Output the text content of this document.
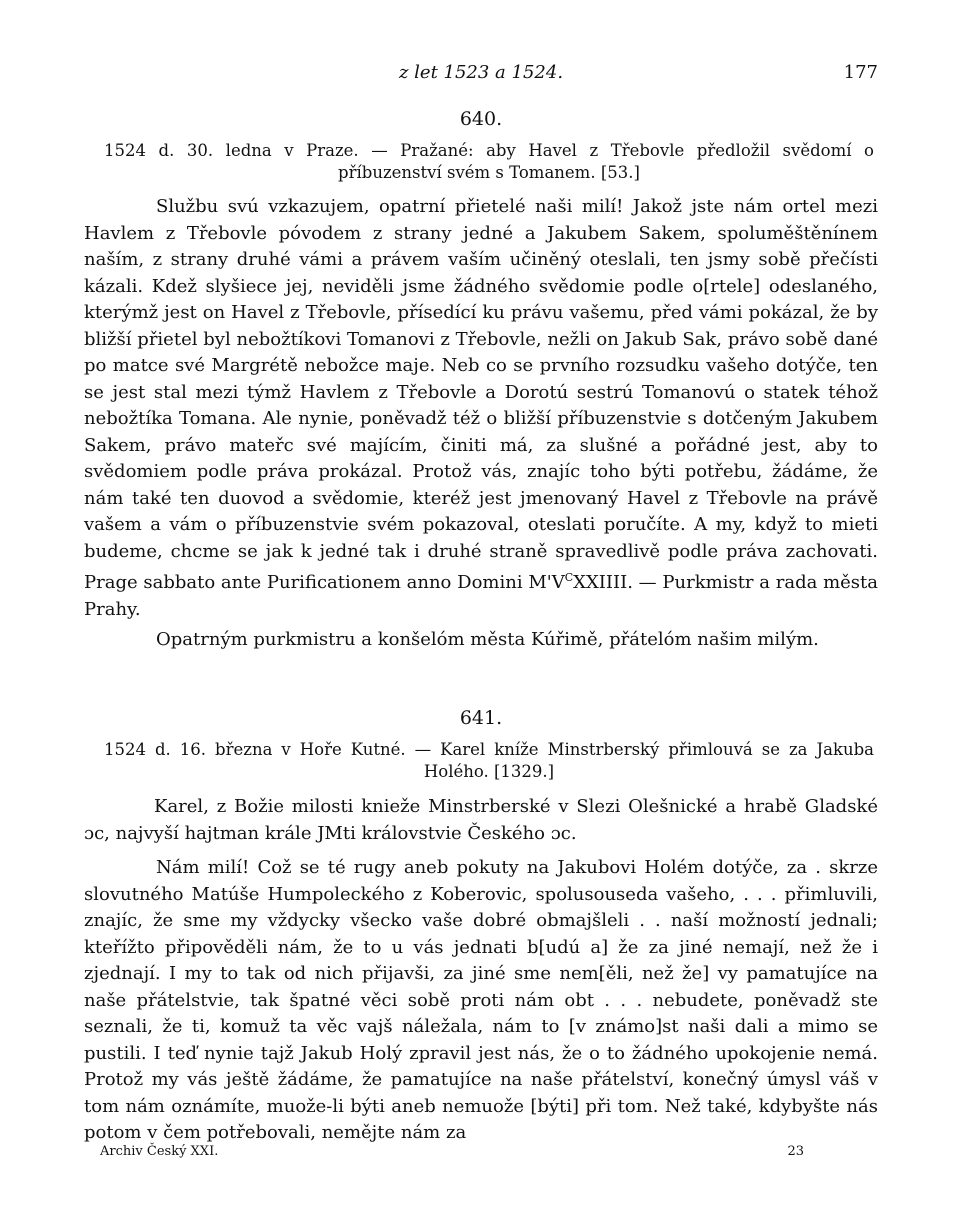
z let 1523 a 1524.	177
640.
1524 d. 30. ledna v Praze. — Pražané: aby Havel z Třebovle předložil svědomí o příbuzenství svém s Tomanem. [53.]

Službu svú vzkazujem, opatrní přietelé naši milí! Jakož jste nám ortel mezi Havlem z Třebovle póvodem z strany jedné a Jakubem Sakem, spoluměštěnínem naším, z strany druhé vámi a právem vaším učiněný oteslali, ten jsmy sobě přečísti kázali. Kdež slyšiece jej, neviděli jsme žádného svědomie podle o[rtele] odeslaného, kterýmž jest on Havel z Třebovle, přísedící ku právu vašemu, před vámi pokázal, že by bližší přietel byl nebožtíkovi Tomanovi z Třebovle, nežli on Jakub Sak, právo sobě dané po matce své Margrétě nebožce maje. Neb co se prvního rozsudku vašeho dotýče, ten se jest stal mezi týmž Havlem z Třebovle a Dorotú sestrú Tomanovú o statek téhož nebožtíka Tomana. Ale nynie, poněvadž též o bližší příbuzenstvie s dotčeným Jakubem Sakem, právo mateřc své majícím, činiti má, za slušné a pořádné jest, aby to svědomiem podle práva prokázal. Protož vás, znajíc toho býti potřebu, žádáme, že nám také ten duovod a svědomie, kteréž jest jmenovaný Havel z Třebovle na právě vašem a vám o příbuzenstvie svém pokazoval, oteslati poručíte. A my, když to mieti budeme, chcme se jak k jedné tak i druhé straně spravedlivě podle práva zachovati. Prage sabbato ante Purificationem anno Domini $M'V^CXXIIII$. — Purkmistr a rada města Prahy.

Opatrným purkmistru a konšelóm města Kúřimě, přátelóm našim milým.

641.
1524 d. 16. března v Hoře Kutné. — Karel kníže Minstrberský přimlouvá se za Jakuba Holého. [1329.]

Karel, z Božie milosti knieže Minstrberské v Slezi Olešnické a hrabě Gladské ɔc, najvyší hajtman krále JMti královstvie Českého ɔc.

Nám milí! Což se té rugy aneb pokuty na Jakubovi Holém dotýče, za . skrze slovutného Matúše Humpoleckého z Koberovic, spolusouseda vašeho, . . . přimluvili, znajíc, že sme my vždycky všecko vaše dobré obmajšleli . . naší možností jednali; kteřížto připověděli nám, že to u vás jednati b[udú a] že za jiné nemají, než že i zjednají. I my to tak od nich přijavši, za jiné sme nem[ěli, než že] vy pamatujíce na naše přátelstvie, tak špatné věci sobě proti nám obt . . . nebudete, poněvadž ste seznali, že ti, komuž ta věc vajš náležala, nám to [v známo]st naši dali a mimo se pustili. I teď nynie tajž Jakub Holý zpravil jest nás, že o to žádného upokojenie nemá. Protož my vás ještě žádáme, že pamatujíce na naše přátelství, konečný úmysl váš v tom nám oznámíte, muože-li býti aneb nemuože [býti] při tom. Než také, kdybyšte nás potom v čem potřebovali, nemějte nám za

Archiv Český XXI.	23
